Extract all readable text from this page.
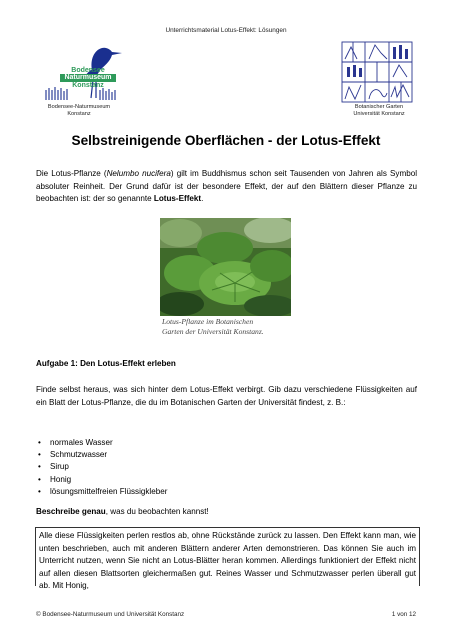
Unterrichtsmaterial Lotus-Effekt: Lösungen
Bodensee
Naturmuseum
Konstanz
Bodensee-Naturmuseum
Konstanz
Botanischer Garten
Universität Konstanz
Selbstreinigende Oberflächen - der Lotus-Effekt
Die Lotus-Pflanze (Nelumbo nucifera) gilt im Buddhismus schon seit Tausenden von Jahren als Symbol absoluter Reinheit. Der Grund dafür ist der besondere Effekt, der auf den Blättern dieser Pflanze zu beobachten ist: der so genannte Lotus-Effekt.
Lotus-Pflanze im Botanischen
Garten der Universität Konstanz.
Aufgabe 1: Den Lotus-Effekt erleben
Finde selbst heraus, was sich hinter dem Lotus-Effekt verbirgt. Gib dazu verschiedene Flüssigkeiten auf ein Blatt der Lotus-Pflanze, die du im Botanischen Garten der Universität findest, z. B.:
• normales Wasser
• Schmutzwasser
• Sirup
• Honig
• lösungsmittelfreien Flüssigkleber
Beschreibe genau, was du beobachten kannst!
Alle diese Flüssigkeiten perlen restlos ab, ohne Rückstände zurück zu lassen. Den Effekt kann man, wie unten beschrieben, auch mit anderen Blättern anderer Arten demonstrieren. Das können Sie auch im Unterricht nutzen, wenn Sie nicht an Lotus-Blätter heran kommen. Allerdings funktioniert der Effekt nicht auf allen diesen Blattsorten gleichermaßen gut. Reines Wasser und Schmutzwasser perlen überall gut ab. Mit Honig,
© Bodensee-Naturmuseum und Universität Konstanz	1 von 12
